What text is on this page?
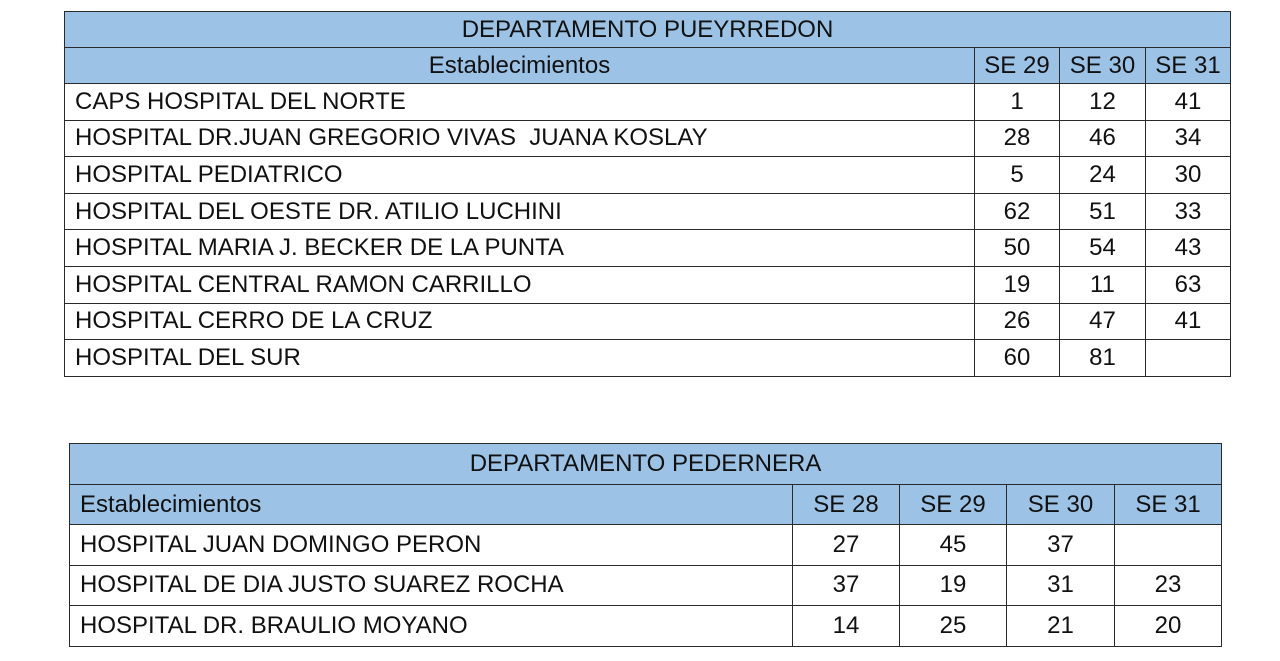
DEPARTAMENTO PUEYRREDON			
Establecimientos	SE 29	SE 30	SE 31
CAPS HOSPITAL DEL NORTE	1	12	41
HOSPITAL DR.JUAN GREGORIO VIVAS  JUANA KOSLAY	28	46	34
HOSPITAL PEDIATRICO	5	24	30
HOSPITAL DEL OESTE DR. ATILIO LUCHINI	62	51	33
HOSPITAL MARIA J. BECKER DE LA PUNTA	50	54	43
HOSPITAL CENTRAL RAMON CARRILLO	19	11	63
HOSPITAL CERRO DE LA CRUZ	26	47	41
HOSPITAL DEL SUR	60	81	
DEPARTAMENTO PEDERNERA				
Establecimientos	SE 28	SE 29	SE 30	SE 31
HOSPITAL JUAN DOMINGO PERON	27	45	37	
HOSPITAL DE DIA JUSTO SUAREZ ROCHA	37	19	31	23
HOSPITAL DR. BRAULIO MOYANO	14	25	21	20
